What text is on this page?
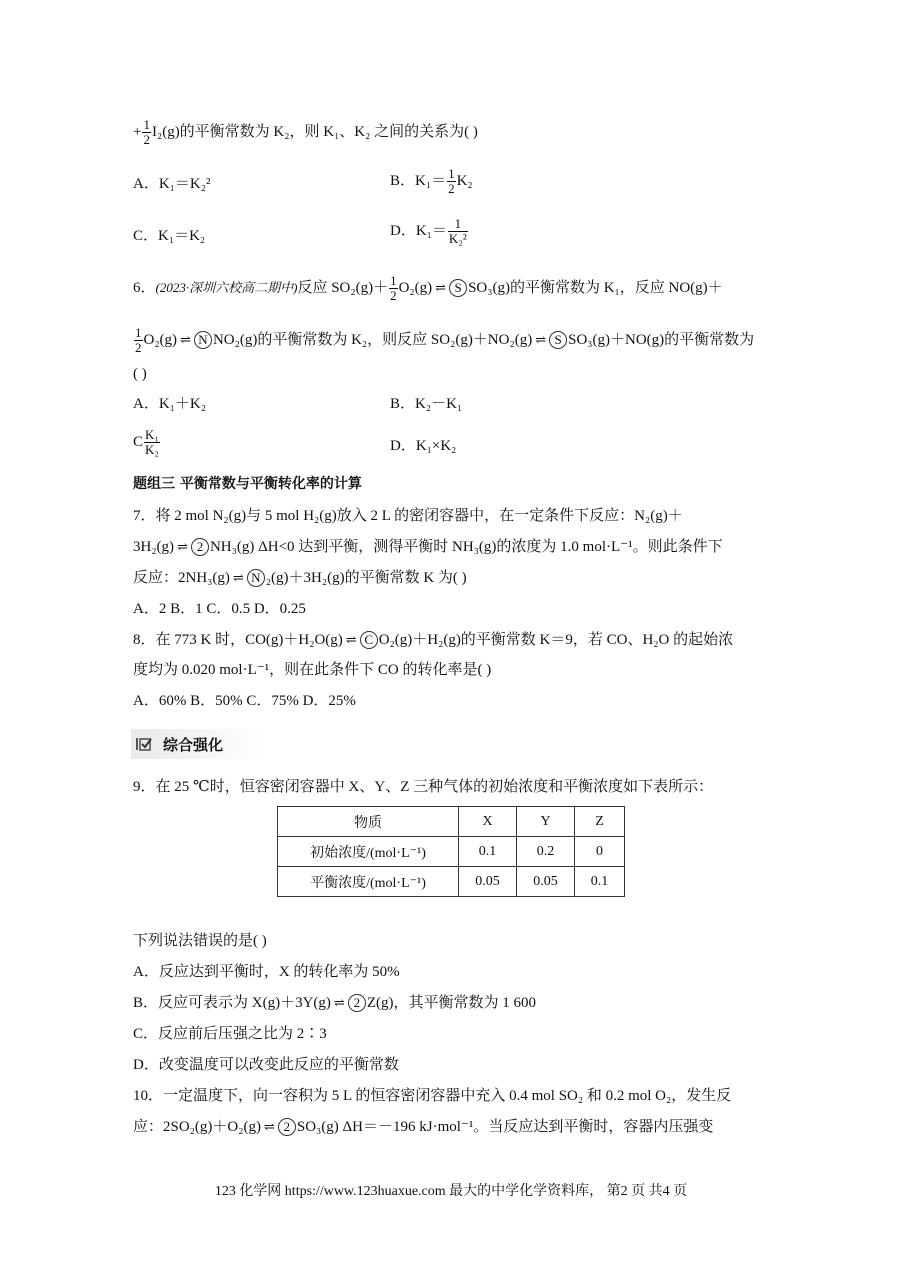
+ $\frac{1}{2} I_2(g)$的平衡常数为 K₂，则 K₁、K₂ 之间的关系为( )
A．K₁＝K₂²	B．$K_1= \frac{1}{2} K_2$
C．K₁＝K₂	D．$K_1= \frac{1}{\text{K₂²}}$
6．(2023·深圳六校高二期中)反应 $SO_2(g)+ \frac{1}{2} O_2(g)$ ⇌ S SO₃(g)的平衡常数为 K₁，反应 NO(g)＋
$\frac{1}{2} O_2(g)$ ⇌ N NO₂(g)的平衡常数为 K₂，则反应 SO₂(g)＋NO₂(g) ⇌ S SO₃(g)＋NO(g)的平衡常数为
( )
A．K₁＋K₂	B．K₂－K₁
C $\frac{\text{K₁}}{\text{K₂}}$	D．K₁×K₂
题组三 平衡常数与平衡转化率的计算
7．将 2 mol N₂(g)与 5 mol H₂(g)放入 2 L 的密闭容器中，在一定条件下反应：N₂(g)＋
3H₂(g) ⇌ 2 NH₃(g) ΔH<0 达到平衡，测得平衡时 NH₃(g)的浓度为 1.0 mol·L⁻¹。则此条件下
反应：2NH₃(g) ⇌ N ₂(g)＋3H₂(g)的平衡常数 K 为( )
A．2 B．1 C．0.5 D．0.25
8．在 773 K 时，CO(g)＋H₂O(g) ⇌ C O₂(g)＋H₂(g)的平衡常数 K＝9，若 CO、H₂O 的起始浓
度均为 0.020 mol·L⁻¹，则在此条件下 CO 的转化率是( )
A．60% B．50% C．75% D．25%
综合强化
9．在 25 ℃时，恒容密闭容器中 X、Y、Z 三种气体的初始浓度和平衡浓度如下表所示：
物质	X	Y	Z
初始浓度/(mol·L⁻¹)	0.1	0.2	0
平衡浓度/(mol·L⁻¹)	0.05	0.05	0.1
下列说法错误的是( )
A．反应达到平衡时，X 的转化率为 50%
B．反应可表示为 X(g)＋3Y(g) ⇌ 2 Z(g)，其平衡常数为 1 600
C．反应前后压强之比为 2∶3
D．改变温度可以改变此反应的平衡常数
10．一定温度下，向一容积为 5 L 的恒容密闭容器中充入 0.4 mol SO₂ 和 0.2 mol O₂，发生反
应：2SO₂(g)＋O₂(g) ⇌ 2 SO₃(g) ΔH＝－196 kJ·mol⁻¹。当反应达到平衡时，容器内压强变
123 化学网 https://www.123huaxue.com 最大的中学化学资料库， 第2 页 共4 页
